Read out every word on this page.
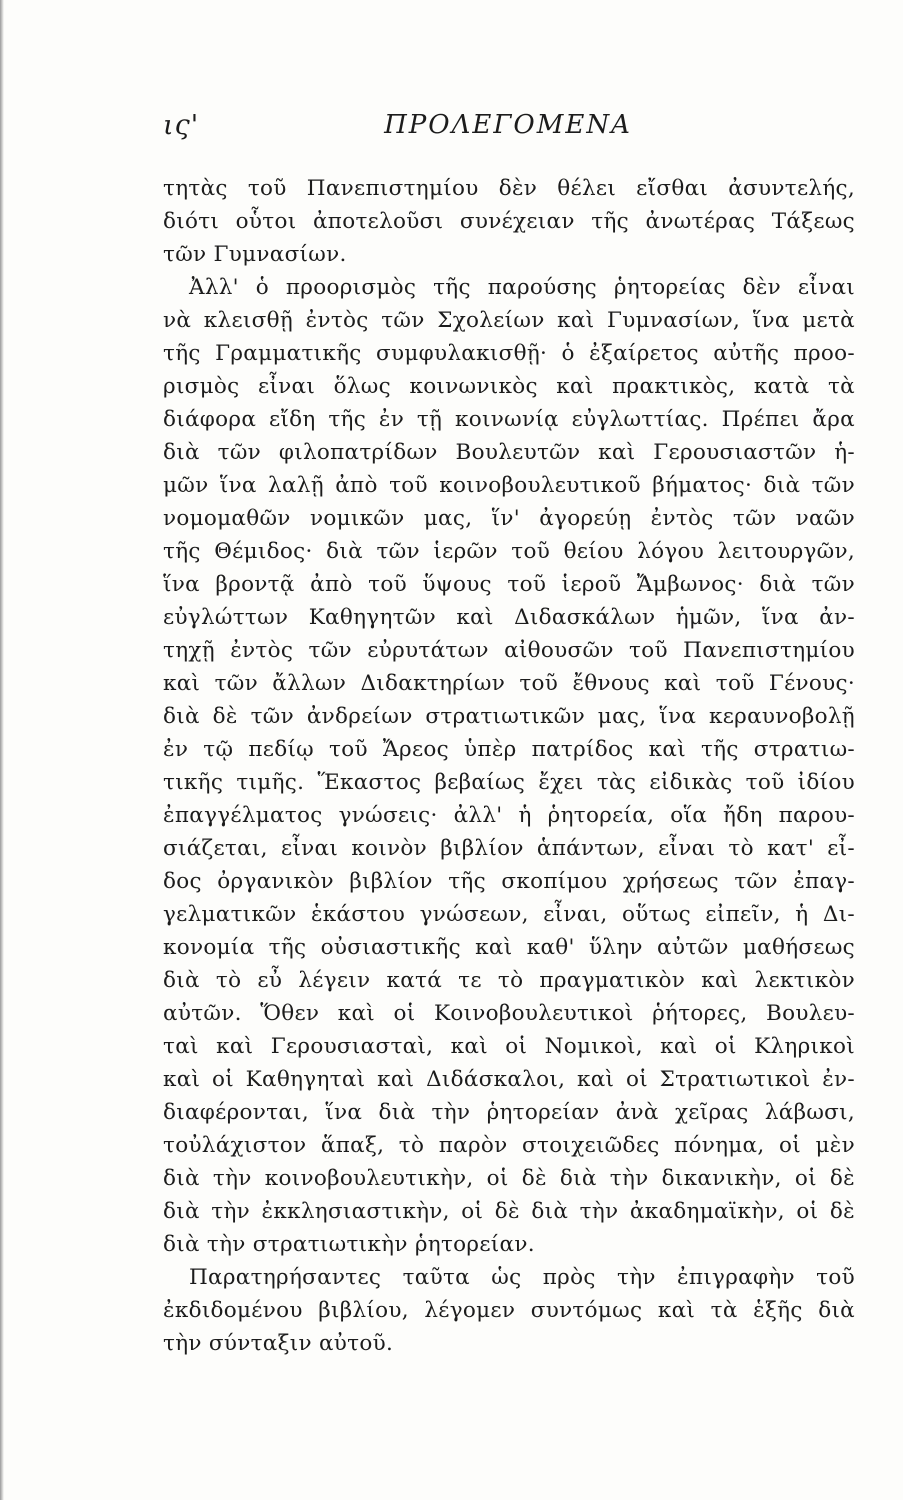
ις'	ΠΡΟΛΕΓΟΜΕΝΑ
τητὰς τοῦ Πανεπιστημίου δὲν θέλει εἴσθαι ἀσυντελής,
διότι οὗτοι ἀποτελοῦσι συνέχειαν τῆς ἀνωτέρας Τάξεως
τῶν Γυμνασίων.
Ἀλλ' ὁ προορισμὸς τῆς παρούσης ῥητορείας δὲν εἶναι
νὰ κλεισθῇ ἐντὸς τῶν Σχολείων καὶ Γυμνασίων, ἵνα μετὰ
τῆς Γραμματικῆς συμφυλακισθῇ· ὁ ἐξαίρετος αὐτῆς προο-
ρισμὸς εἶναι ὅλως κοινωνικὸς καὶ πρακτικὸς, κατὰ τὰ
διάφορα εἴδη τῆς ἐν τῇ κοινωνίᾳ εὐγλωττίας. Πρέπει ἄρα
διὰ τῶν φιλοπατρίδων Βουλευτῶν καὶ Γερουσιαστῶν ἡ-
μῶν ἵνα λαλῇ ἀπὸ τοῦ κοινοβουλευτικοῦ βήματος· διὰ τῶν
νομομαθῶν νομικῶν μας, ἵν' ἀγορεύῃ ἐντὸς τῶν ναῶν
τῆς Θέμιδος· διὰ τῶν ἱερῶν τοῦ θείου λόγου λειτουργῶν,
ἵνα βροντᾷ ἀπὸ τοῦ ὕψους τοῦ ἱεροῦ Ἄμβωνος· διὰ τῶν
εὐγλώττων Καθηγητῶν καὶ Διδασκάλων ἡμῶν, ἵνα ἀν-
τηχῇ ἐντὸς τῶν εὐρυτάτων αἰθουσῶν τοῦ Πανεπιστημίου
καὶ τῶν ἄλλων Διδακτηρίων τοῦ ἔθνους καὶ τοῦ Γένους·
διὰ δὲ τῶν ἀνδρείων στρατιωτικῶν μας, ἵνα κεραυνοβολῇ
ἐν τῷ πεδίῳ τοῦ Ἄρεος ὑπὲρ πατρίδος καὶ τῆς στρατιω-
τικῆς τιμῆς. Ἕκαστος βεβαίως ἔχει τὰς εἰδικὰς τοῦ ἰδίου
ἐπαγγέλματος γνώσεις· ἀλλ' ἡ ῥητορεία, οἵα ἤδη παρου-
σιάζεται, εἶναι κοινὸν βιβλίον ἁπάντων, εἶναι τὸ κατ' εἶ-
δος ὀργανικὸν βιβλίον τῆς σκοπίμου χρήσεως τῶν ἐπαγ-
γελματικῶν ἑκάστου γνώσεων, εἶναι, οὕτως εἰπεῖν, ἡ Δι-
κονομία τῆς οὐσιαστικῆς καὶ καθ' ὕλην αὐτῶν μαθήσεως
διὰ τὸ εὖ λέγειν κατά τε τὸ πραγματικὸν καὶ λεκτικὸν
αὐτῶν. Ὅθεν καὶ οἱ Κοινοβουλευτικοὶ ῥήτορες, Βουλευ-
ταὶ καὶ Γερουσιασταὶ, καὶ οἱ Νομικοὶ, καὶ οἱ Κληρικοὶ
καὶ οἱ Καθηγηταὶ καὶ Διδάσκαλοι, καὶ οἱ Στρατιωτικοὶ ἐν-
διαφέρονται, ἵνα διὰ τὴν ῥητορείαν ἀνὰ χεῖρας λάβωσι,
τοὐλάχιστον ἅπαξ, τὸ παρὸν στοιχειῶδες πόνημα, οἱ μὲν
διὰ τὴν κοινοβουλευτικὴν, οἱ δὲ διὰ τὴν δικανικὴν, οἱ δὲ
διὰ τὴν ἐκκλησιαστικὴν, οἱ δὲ διὰ τὴν ἀκαδημαϊκὴν, οἱ δὲ
διὰ τὴν στρατιωτικὴν ῥητορείαν.
Παρατηρήσαντες ταῦτα ὡς πρὸς τὴν ἐπιγραφὴν τοῦ
ἐκδιδομένου βιβλίου, λέγομεν συντόμως καὶ τὰ ἑξῆς διὰ
τὴν σύνταξιν αὐτοῦ.
